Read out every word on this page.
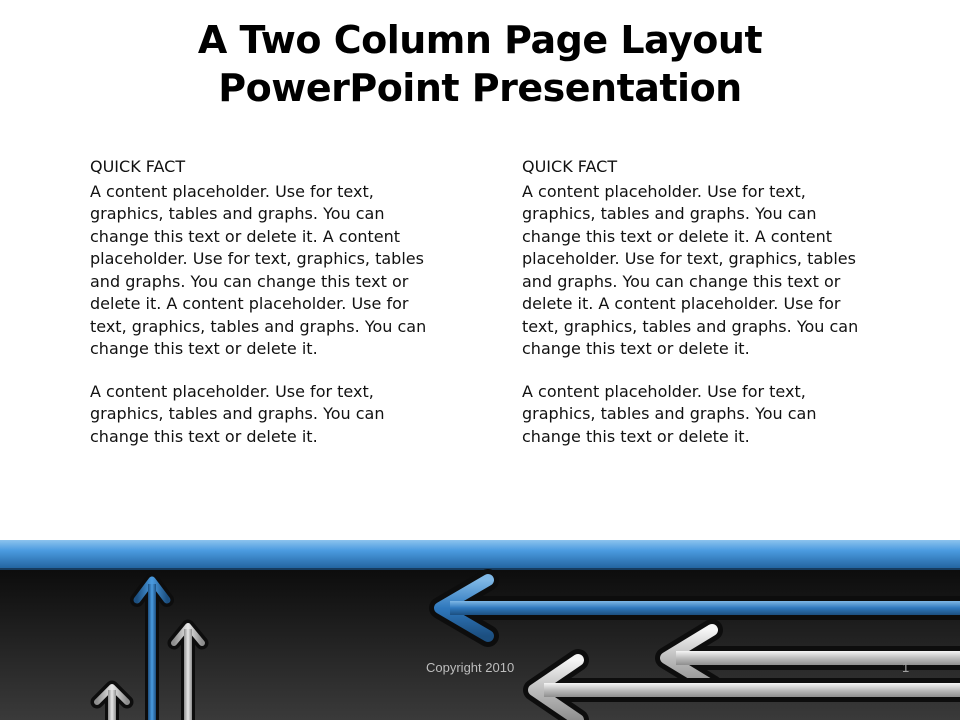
A Two Column Page Layout
PowerPoint Presentation
QUICK FACT

A content placeholder. Use for text, graphics, tables and graphs. You can change this text or delete it. A content placeholder. Use for text, graphics, tables and graphs. You can change this text or delete it. A content placeholder. Use for text, graphics, tables and graphs. You can change this text or delete it.

A content placeholder. Use for text, graphics, tables and graphs. You can change this text or delete it.

QUICK FACT

A content placeholder. Use for text, graphics, tables and graphs. You can change this text or delete it. A content placeholder. Use for text, graphics, tables and graphs. You can change this text or delete it. A content placeholder. Use for text, graphics, tables and graphs. You can change this text or delete it.

A content placeholder. Use for text, graphics, tables and graphs. You can change this text or delete it.

Copyright 2010	1
